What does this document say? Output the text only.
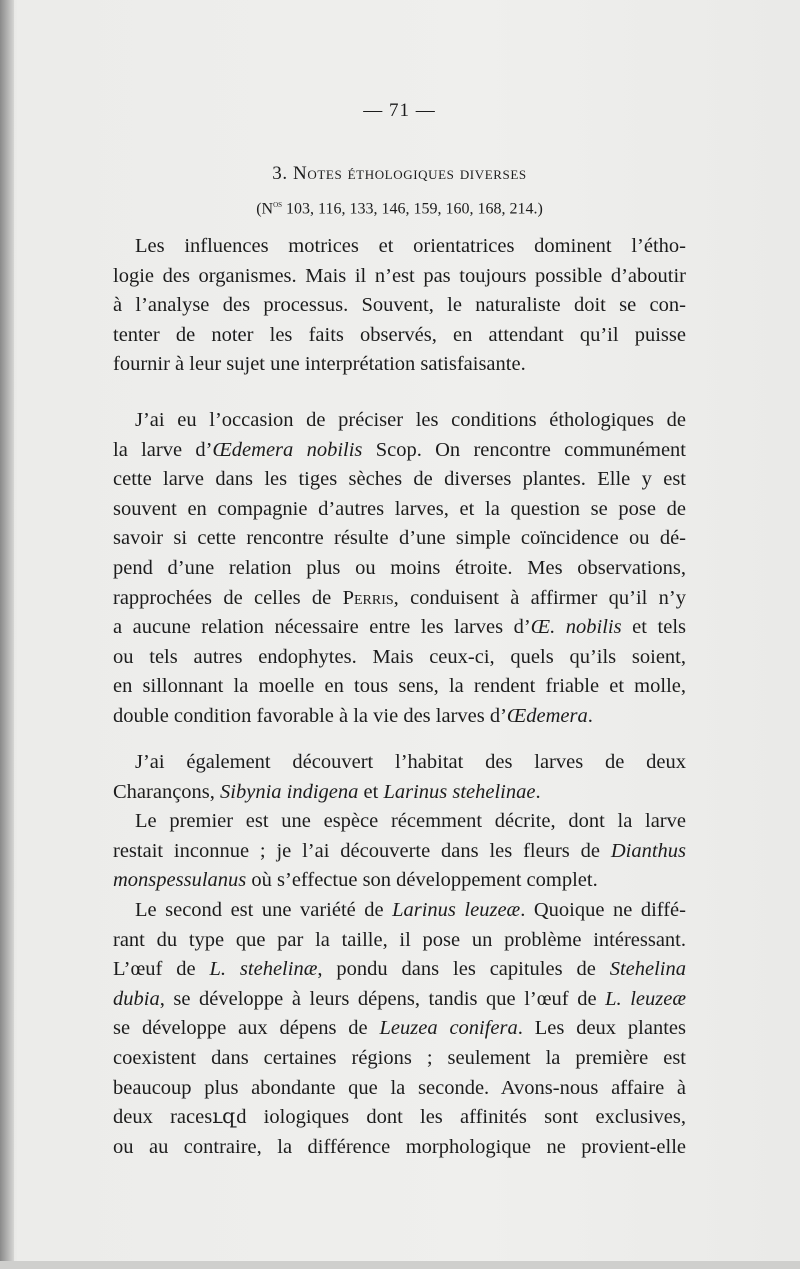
— 71 —
3. Notes éthologiques diverses
($N^{os}$ 103, 116, 133, 146, 159, 160, 168, 214.)
Les influences motrices et orientatrices dominent l’étho-
logie des organismes. Mais il n’est pas toujours possible d’aboutir
à l’analyse des processus. Souvent, le naturaliste doit se con-
tenter de noter les faits observés, en attendant qu’il puisse
fournir à leur sujet une interprétation satisfaisante.
J’ai eu l’occasion de préciser les conditions éthologiques de
la larve d’Œdemera nobilis Scop. On rencontre communément
cette larve dans les tiges sèches de diverses plantes. Elle y est
souvent en compagnie d’autres larves, et la question se pose de
savoir si cette rencontre résulte d’une simple coïncidence ou dé-
pend d’une relation plus ou moins étroite. Mes observations,
rapprochées de celles de Perris, conduisent à affirmer qu’il n’y
a aucune relation nécessaire entre les larves d’Œ. nobilis et tels
ou tels autres endophytes. Mais ceux-ci, quels qu’ils soient,
en sillonnant la moelle en tous sens, la rendent friable et molle,
double condition favorable à la vie des larves d’Œdemera.
J’ai également découvert l’habitat des larves de deux
Charançons, Sibynia indigena et Larinus stehelinae.
Le premier est une espèce récemment décrite, dont la larve
restait inconnue ; je l’ai découverte dans les fleurs de Dianthus
monspessulanus où s’effectue son développement complet.
Le second est une variété de Larinus leuzeæ. Quoique ne diffé-
rant du type que par la taille, il pose un problème intéressant.
L’œuf de L. stehelinæ, pondu dans les capitules de Stehelina
dubia, se développe à leurs dépens, tandis que l’œuf de L. leuzeæ
se développe aux dépens de Leuzea conifera. Les deux plantes
coexistent dans certaines régions ; seulement la première est
beaucoup plus abondante que la seconde. Avons-nous affaire à
deux racesւզd iologiques dont les affinités sont exclusives,
ou au contraire, la différence morphologique ne provient-elle
